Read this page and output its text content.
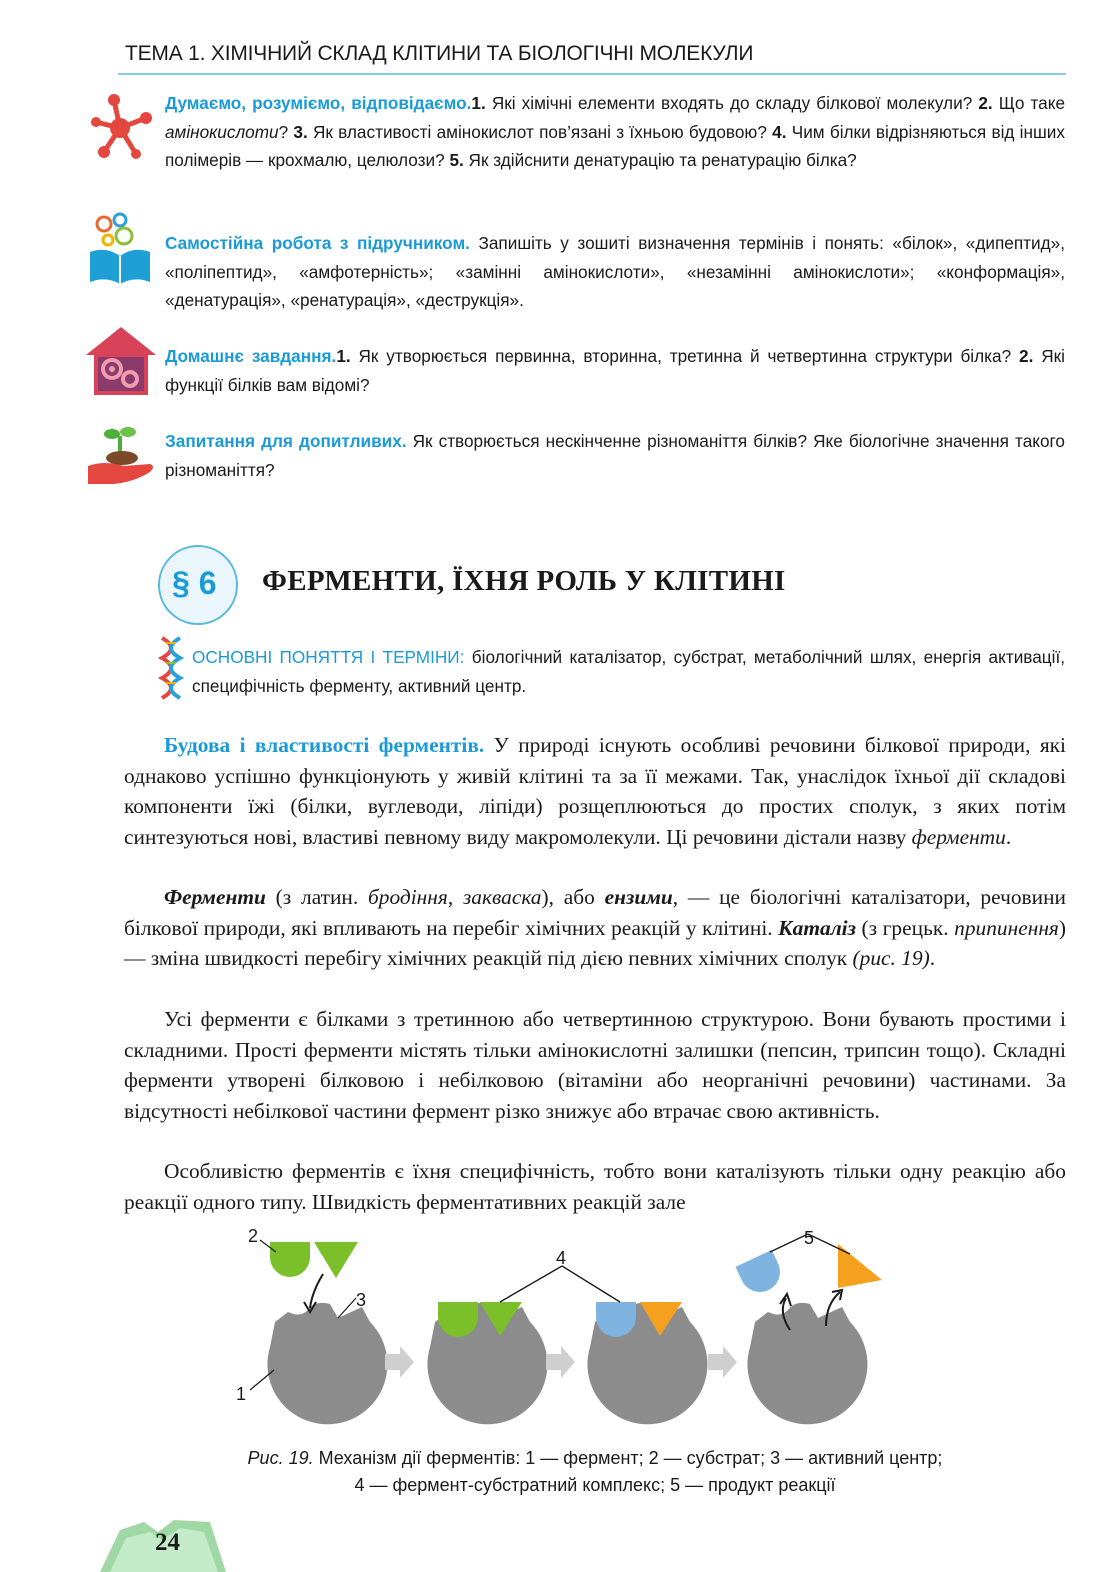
ТЕМА 1. ХІМІЧНИЙ СКЛАД КЛІТИНИ ТА БІОЛОГІЧНІ МОЛЕКУЛИ
Думаємо, розуміємо, відповідаємо.1. Які хімічні елементи входять до складу білкової молекули? 2. Що таке амінокислоти? 3. Як властивості амінокислот пов’язані з їхньою будовою? 4. Чим білки відрізняються від інших полімерів — крохмалю, целюлози? 5. Як здійснити денатурацію та ренатурацію білка?
Самостійна робота з підручником. Запишіть у зошиті визначення термінів і понять: «білок», «дипептид», «поліпептид», «амфотерність»; «замінні амінокислоти», «незамінні амінокислоти»; «конформація», «денатурація», «ренатурація», «деструкція».
Домашнє завдання.1. Як утворюється первинна, вторинна, третинна й четвертинна структури білка? 2. Які функції білків вам відомі?
Запитання для допитливих. Як створюється нескінченне різноманіття білків? Яке біологічне значення такого різноманіття?
§ 6 ФЕРМЕНТИ, ЇХНЯ РОЛЬ У КЛІТИНІ
ОСНОВНІ ПОНЯТТЯ І ТЕРМІНИ: біологічний каталізатор, субстрат, метаболічний шлях, енергія активації, специфічність ферменту, активний центр.
Будова і властивості ферментів. У природі існують особливі речовини білкової природи, які однаково успішно функціонують у живій клітині та за її межами. Так, унаслідок їхньої дії складові компоненти їжі (білки, вуглеводи, ліпіди) розщеплюються до простих сполук, з яких потім синтезуються нові, властиві певному виду макромолекули. Ці речовини дістали назву ферменти.
Ферменти (з латин. бродіння, закваска), або ензими, — це біологічні каталізатори, речовини білкової природи, які впливають на перебіг хімічних реакцій у клітині. Каталіз (з грецьк. припинення) — зміна швидкості перебігу хімічних реакцій під дією певних хімічних сполук (рис. 19).
Усі ферменти є білками з третинною або четвертинною структурою. Вони бувають простими і складними. Прості ферменти містять тільки амінокислотні залишки (пепсин, трипсин тощо). Складні ферменти утворені білковою і небілковою (вітаміни або неорганічні речовини) частинами. За відсутності небілкової частини фермент різко знижує або втрачає свою активність.
Особливістю ферментів є їхня специфічність, тобто вони каталізують тільки одну реакцію або реакції одного типу. Швидкість ферментативних реакцій зале
2
3
1
4
5
Рис. 19. Механізм дії ферментів: 1 — фермент; 2 — субстрат; 3 — активний центр;
4 — фермент-субстратний комплекс; 5 — продукт реакції
24
